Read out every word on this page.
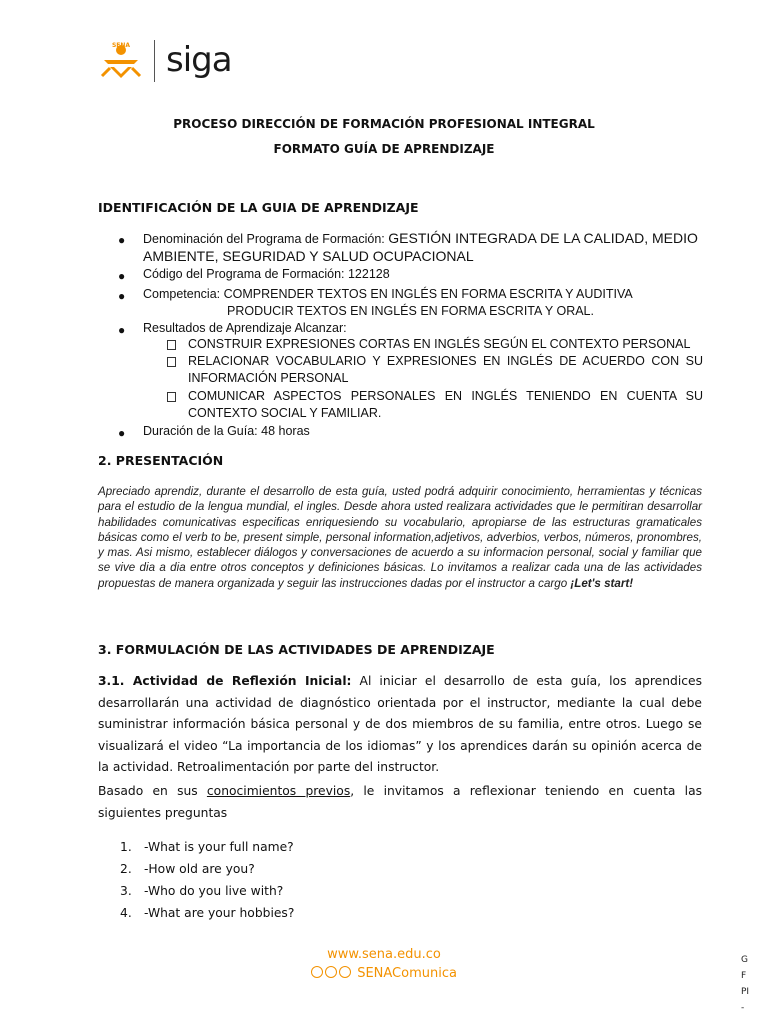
SENA siga
PROCESO DIRECCIÓN DE FORMACIÓN PROFESIONAL INTEGRAL
FORMATO GUÍA DE APRENDIZAJE
IDENTIFICACIÓN DE LA GUIA DE APRENDIZAJE
● Denominación del Programa de Formación: GESTIÓN INTEGRADA DE LA CALIDAD, MEDIO
AMBIENTE, SEGURIDAD Y SALUD OCUPACIONAL
● Código del Programa de Formación: 122128
● Competencia: COMPRENDER TEXTOS EN INGLÉS EN FORMA ESCRITA Y AUDITIVA
PRODUCIR TEXTOS EN INGLÉS EN FORMA ESCRITA Y ORAL.
● Resultados de Aprendizaje Alcanzar:
CONSTRUIR EXPRESIONES CORTAS EN INGLÉS SEGÚN EL CONTEXTO PERSONAL
RELACIONAR VOCABULARIO Y EXPRESIONES EN INGLÉS DE ACUERDO CON SU INFORMACIÓN PERSONAL
COMUNICAR ASPECTOS PERSONALES EN INGLÉS TENIENDO EN CUENTA SU CONTEXTO SOCIAL Y FAMILIAR.
● Duración de la Guía: 48 horas
2. PRESENTACIÓN
Apreciado aprendiz, durante el desarrollo de esta guía, usted podrá adquirir conocimiento, herramientas y técnicas para el estudio de la lengua mundial, el ingles. Desde ahora usted realizara actividades que le permitiran desarrollar habilidades comunicativas especificas enriquesiendo su vocabulario, apropiarse de las estructuras gramaticales básicas como el verb to be, present simple, personal information,adjetivos, adverbios, verbos, números, pronombres, y mas. Asi mismo, establecer diálogos y conversaciones de acuerdo a su informacion personal, social y familiar que se vive dia a dia entre otros conceptos y definiciones básicas. Lo invitamos a realizar cada una de las actividades propuestas de manera organizada y seguir las instrucciones dadas por el instructor a cargo ¡Let's start!
3. FORMULACIÓN DE LAS ACTIVIDADES DE APRENDIZAJE
3.1. Actividad de Reflexión Inicial: Al iniciar el desarrollo de esta guía, los aprendices desarrollarán una actividad de diagnóstico orientada por el instructor, mediante la cual debe suministrar información básica personal y de dos miembros de su familia, entre otros. Luego se visualizará el video “La importancia de los idiomas” y los aprendices darán su opinión acerca de la actividad. Retroalimentación por parte del instructor.
Basado en sus conocimientos previos, le invitamos a reflexionar teniendo en cuenta las siguientes preguntas
1. -What is your full name?
2. -How old are you?
3. -Who do you live with?
4. -What are your hobbies?
www.sena.edu.co
SENAComunica
G
F
PI
-
